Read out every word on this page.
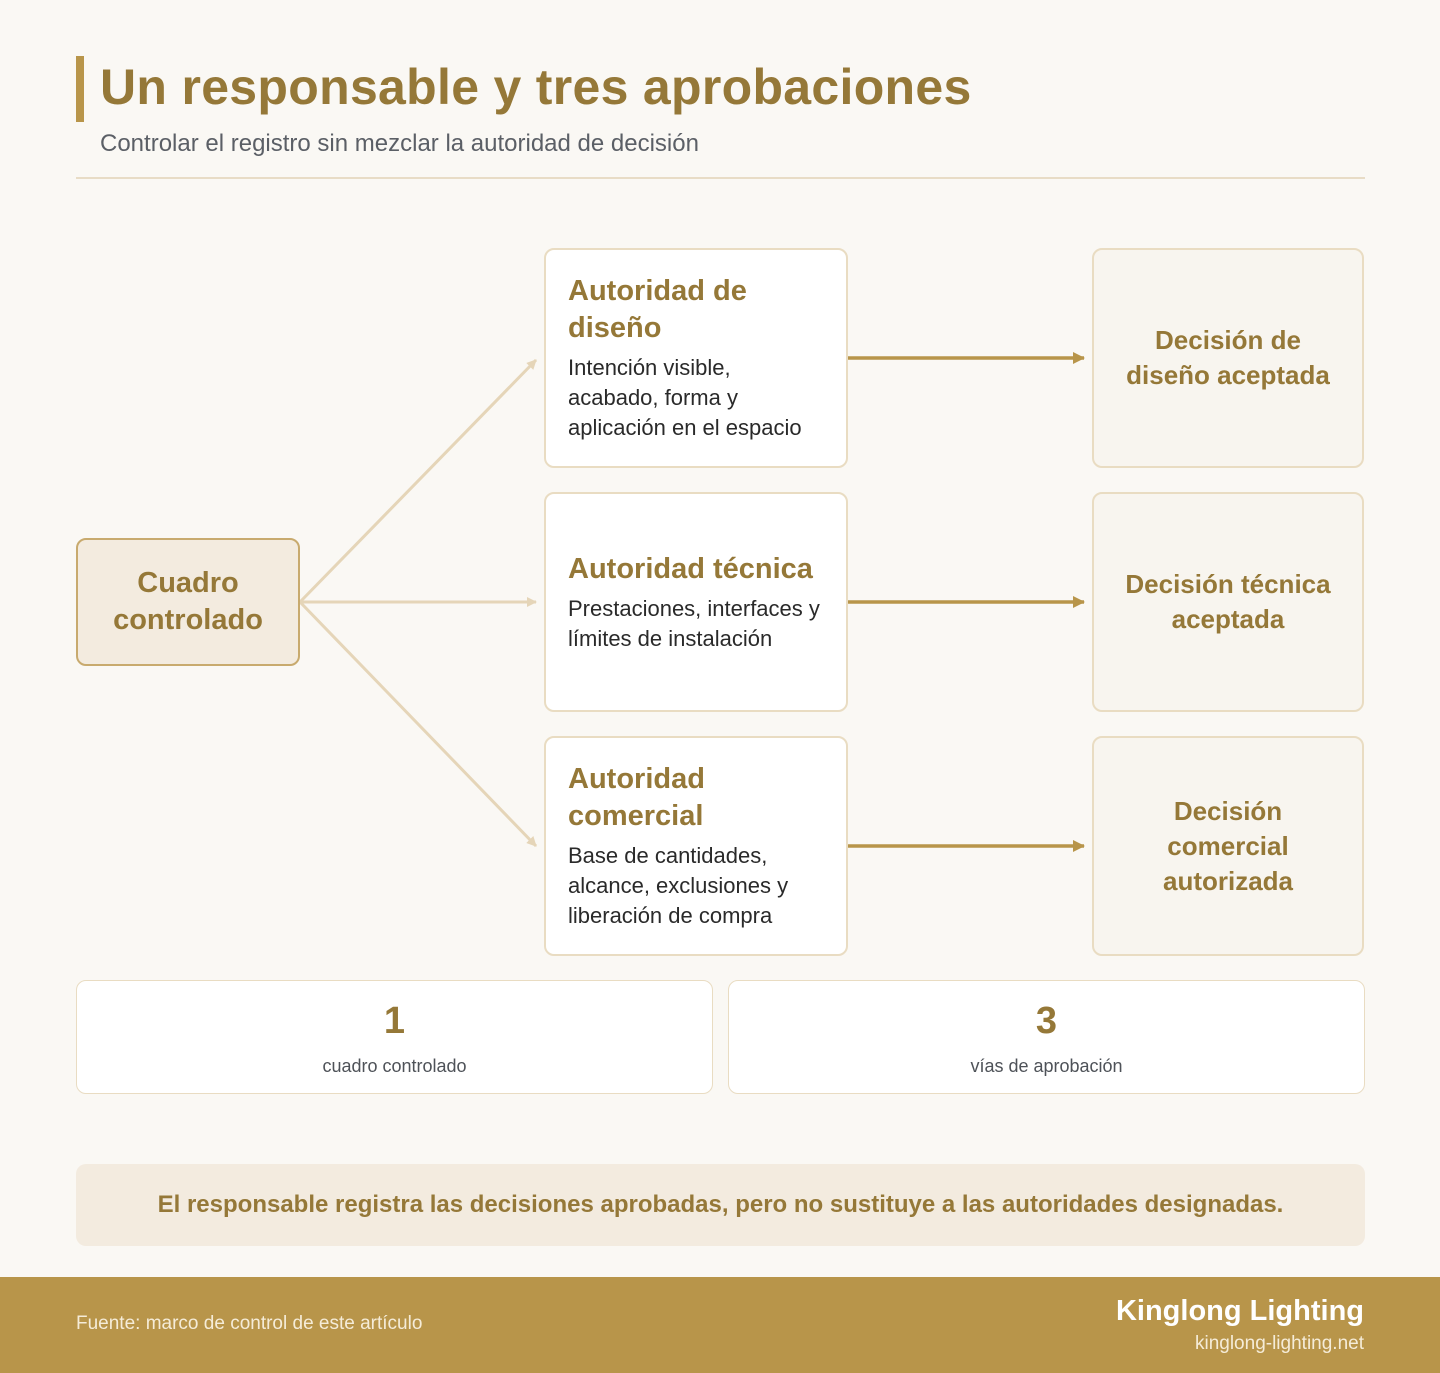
Un responsable y tres aprobaciones
Controlar el registro sin mezclar la autoridad de decisión
Cuadro controlado
Autoridad de diseño
Intención visible, acabado, forma y aplicación en el espacio
Autoridad técnica
Prestaciones, interfaces y límites de instalación
Autoridad comercial
Base de cantidades, alcance, exclusiones y liberación de compra
Decisión de diseño aceptada
Decisión técnica aceptada
Decisión comercial autorizada
1
cuadro controlado
3
vías de aprobación
El responsable registra las decisiones aprobadas, pero no sustituye a las autoridades designadas.
Fuente: marco de control de este artículo	Kinglong Lighting
kinglong-lighting.net
